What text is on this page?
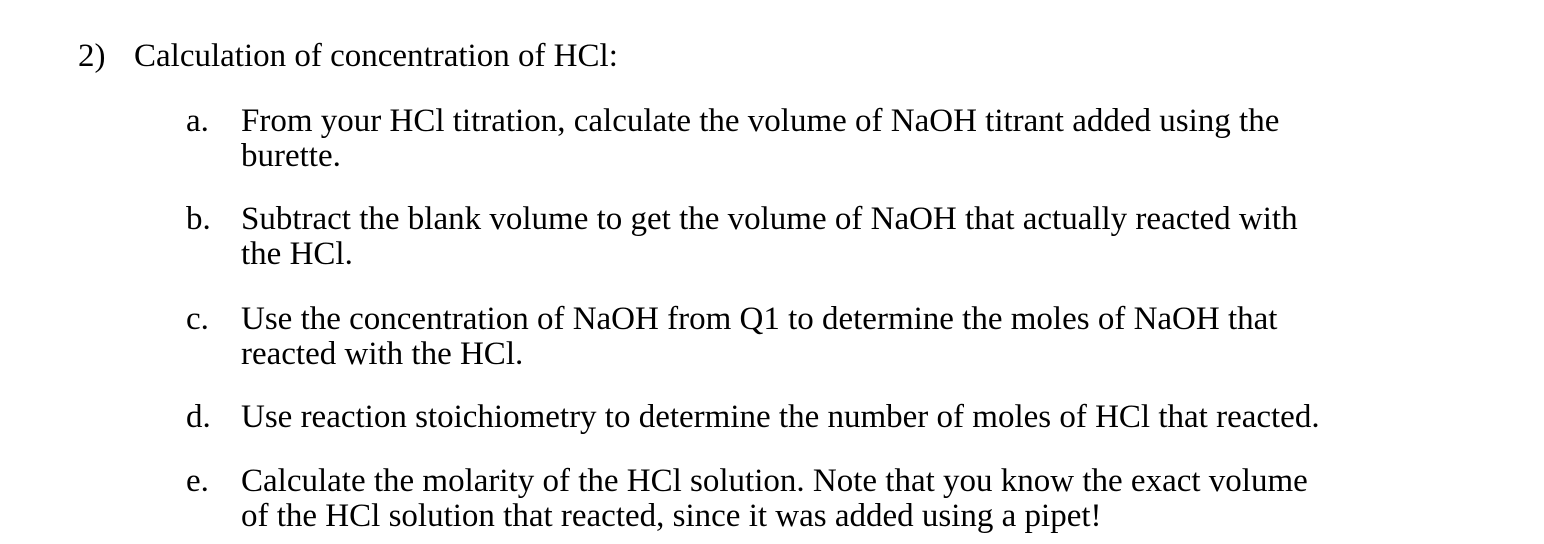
2) Calculation of concentration of HCl:
a. From your HCl titration, calculate the volume of NaOH titrant added using the
burette.
b. Subtract the blank volume to get the volume of NaOH that actually reacted with
the HCl.
c. Use the concentration of NaOH from Q1 to determine the moles of NaOH that
reacted with the HCl.
d. Use reaction stoichiometry to determine the number of moles of HCl that reacted.
e. Calculate the molarity of the HCl solution. Note that you know the exact volume
of the HCl solution that reacted, since it was added using a pipet!
